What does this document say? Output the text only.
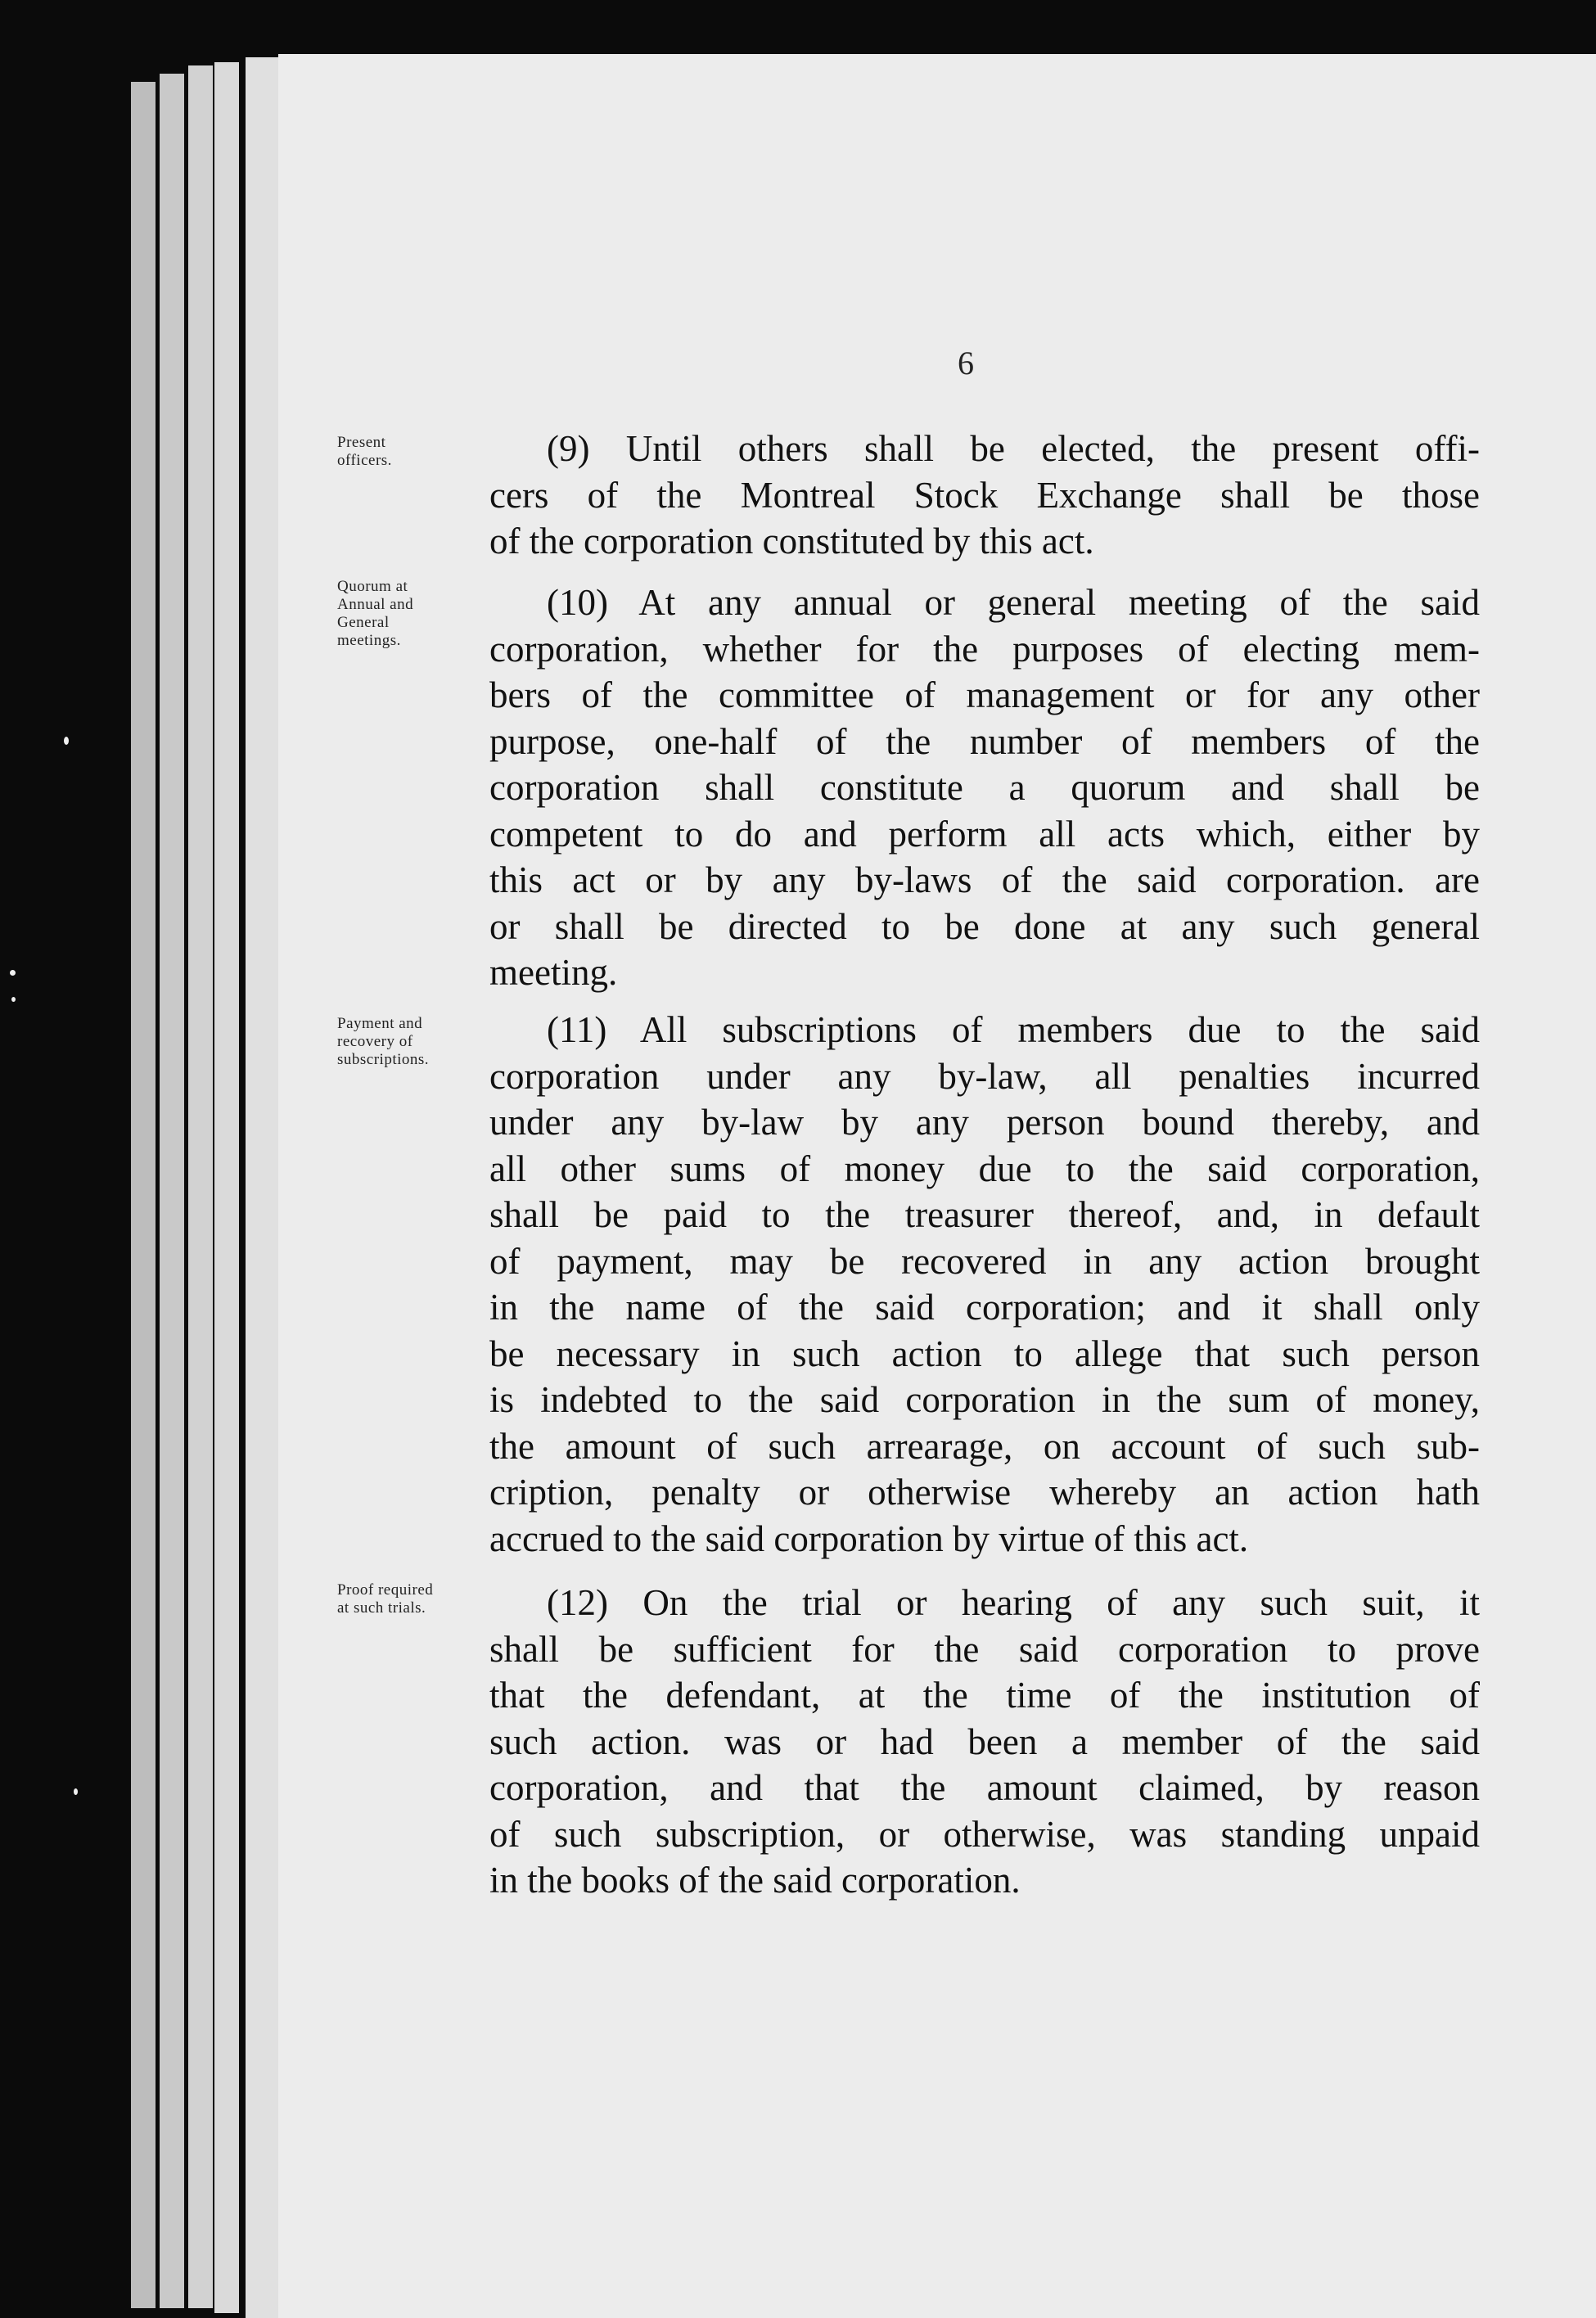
6
Present
officers.	(9) Until others shall be elected, the present offi-
cers of the Montreal Stock Exchange shall be those
of the corporation constituted by this act.
Quorum at
Annual and
General
meetings.
(10) At any annual or general meeting of the said
corporation, whether for the purposes of electing mem-
bers of the committee of management or for any other
purpose, one-half of the number of members of the
corporation shall constitute a quorum and shall be
competent to do and perform all acts which, either by
this act or by any by-laws of the said corporation. are
or shall be directed to be done at any such general
meeting.
Payment and
recovery of
subscriptions.
(11) All subscriptions of members due to the said
corporation under any by-law, all penalties incurred
under any by-law by any person bound thereby, and
all other sums of money due to the said corporation,
shall be paid to the treasurer thereof, and, in default
of payment, may be recovered in any action brought
in the name of the said corporation; and it shall only
be necessary in such action to allege that such person
is indebted to the said corporation in the sum of money,
the amount of such arrearage, on account of such sub-
cription, penalty or otherwise whereby an action hath
accrued to the said corporation by virtue of this act.
Proof required
at such trials.	(12) On the trial or hearing of any such suit, it
shall be sufficient for the said corporation to prove
that the defendant, at the time of the institution of
such action. was or had been a member of the said
corporation, and that the amount claimed, by reason
of such subscription, or otherwise, was standing unpaid
in the books of the said corporation.
